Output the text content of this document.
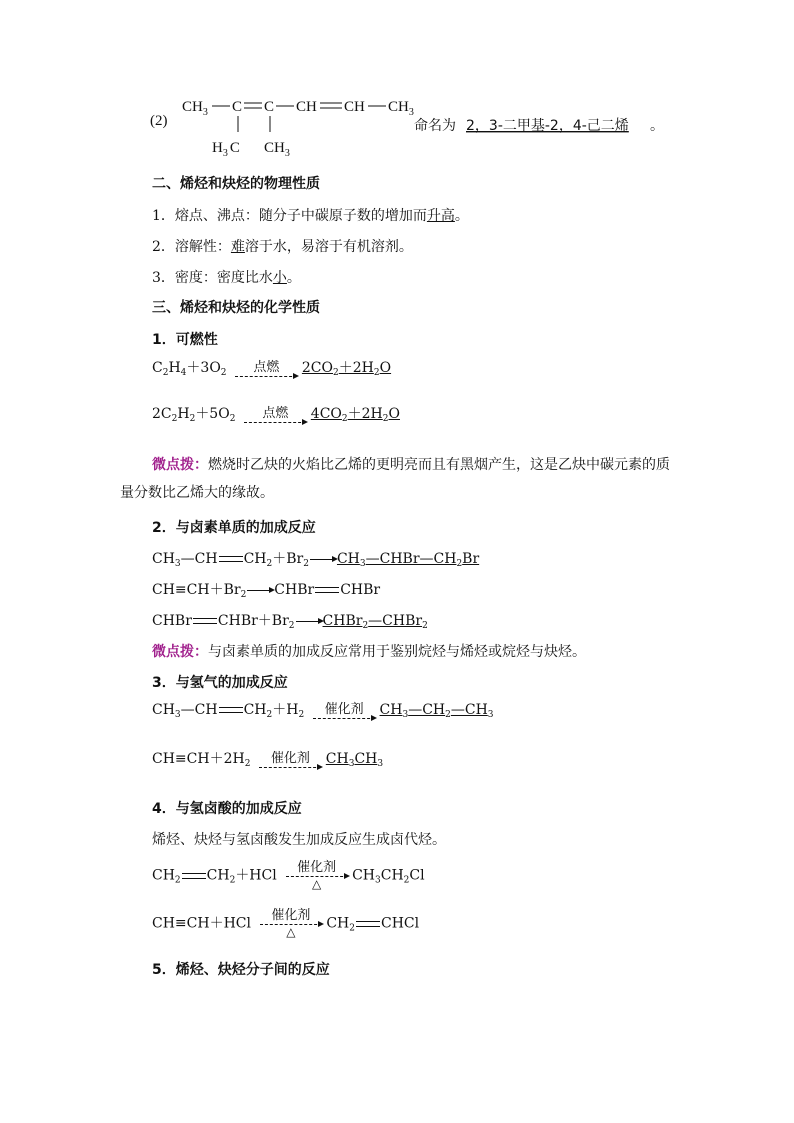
(2)
$CH_3$ C C CH CH $CH_3$
$H_3$ C $CH_3$
命名为 2，3-二甲基-2，4-己二烯 。
二、烯烃和炔烃的物理性质
1．熔点、沸点：随分子中碳原子数的增加而升高。
2．溶解性：难溶于水，易溶于有机溶剂。
3．密度：密度比水小。
三、烯烃和炔烃的化学性质
1．可燃性
$C_2H_4+3O_2$	点燃	$2CO_2+2H_2O$
$2C_2H_2+5O_2$	点燃	$4CO_2+2H_2O$
微点拨：燃烧时乙炔的火焰比乙烯的更明亮而且有黑烟产生，这是乙炔中碳元素的质量分数比乙烯大的缘故。
2．与卤素单质的加成反应
$CH_3—CH$ $CH_2+Br_2$ $CH_3—CHBr—CH_2Br$
$CH\equiv CH+Br_2$ CHBr CHBr
CHBr $CHBr+Br_2$ CHBr$_2$—CHBr$_2$
微点拨：与卤素单质的加成反应常用于鉴别烷烃与烯烃或烷烃与炔烃。
3．与氢气的加成反应
$CH_3—CH$ $CH_2+H_2$	催化剂	$CH_3—CH_2—CH_3$
$CH\equiv CH+2H_2$	催化剂	$CH_3CH_3$
4．与氢卤酸的加成反应
烯烃、炔烃与氢卤酸发生加成反应生成卤代烃。
$CH_2$ $CH_2+HCl$ 催化剂
△
$CH_3CH_2Cl$
CH≡CH＋HCl 催化剂
△
$CH_2$ CHCl
5．烯烃、炔烃分子间的反应
